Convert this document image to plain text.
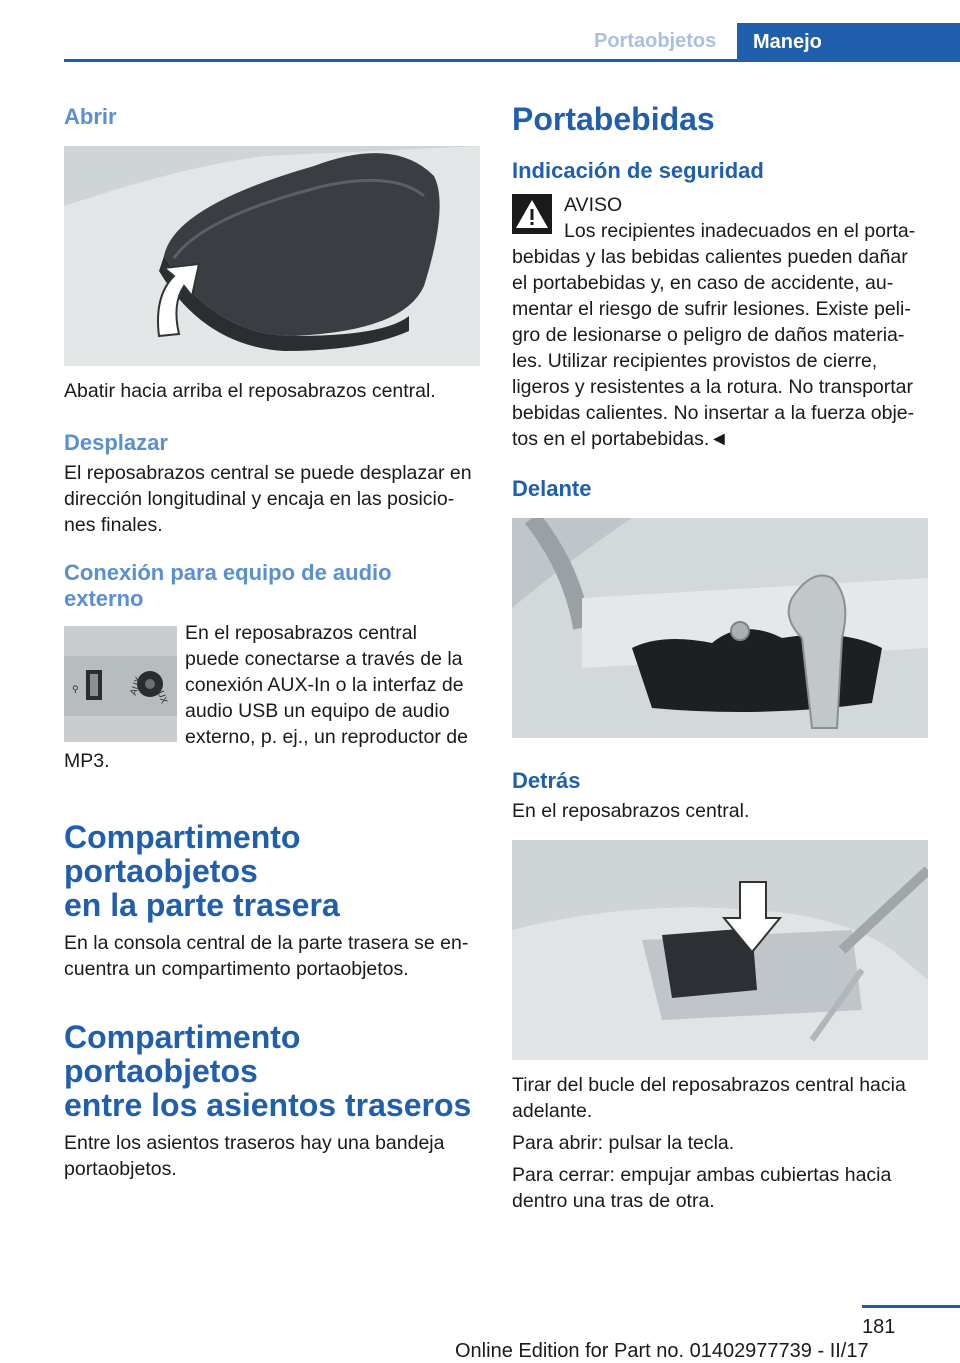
Portaobjetos	Manejo
Abrir

Abatir hacia arriba el reposabrazos central.

Desplazar

El reposabrazos central se puede desplazar en

dirección longitudinal y encaja en las posicio-

nes finales.

Conexión para equipo de audio
externo
⚲	AUX AUX

En el reposabrazos central

puede conectarse a través de la

conexión AUX-In o la interfaz de

audio USB un equipo de audio

externo, p. ej., un reproductor de

MP3.

Compartimento portaobjetos
en la parte trasera

En la consola central de la parte trasera se en-

cuentra un compartimento portaobjetos.

Compartimento portaobjetos
entre los asientos traseros

Entre los asientos traseros hay una bandeja

portaobjetos.

Portabebidas
Indicación de seguridad

AVISO

Los recipientes inadecuados en el porta-

bebidas y las bebidas calientes pueden dañar

el portabebidas y, en caso de accidente, au-

mentar el riesgo de sufrir lesiones. Existe peli-

gro de lesionarse o peligro de daños materia-

les. Utilizar recipientes provistos de cierre,

ligeros y resistentes a la rotura. No transportar

bebidas calientes. No insertar a la fuerza obje-

tos en el portabebidas.◄

Delante
Detrás

En el reposabrazos central.

Tirar del bucle del reposabrazos central hacia

adelante.

Para abrir: pulsar la tecla.

Para cerrar: empujar ambas cubiertas hacia

dentro una tras de otra.

181
Online Edition for Part no. 01402977739 - II/17
